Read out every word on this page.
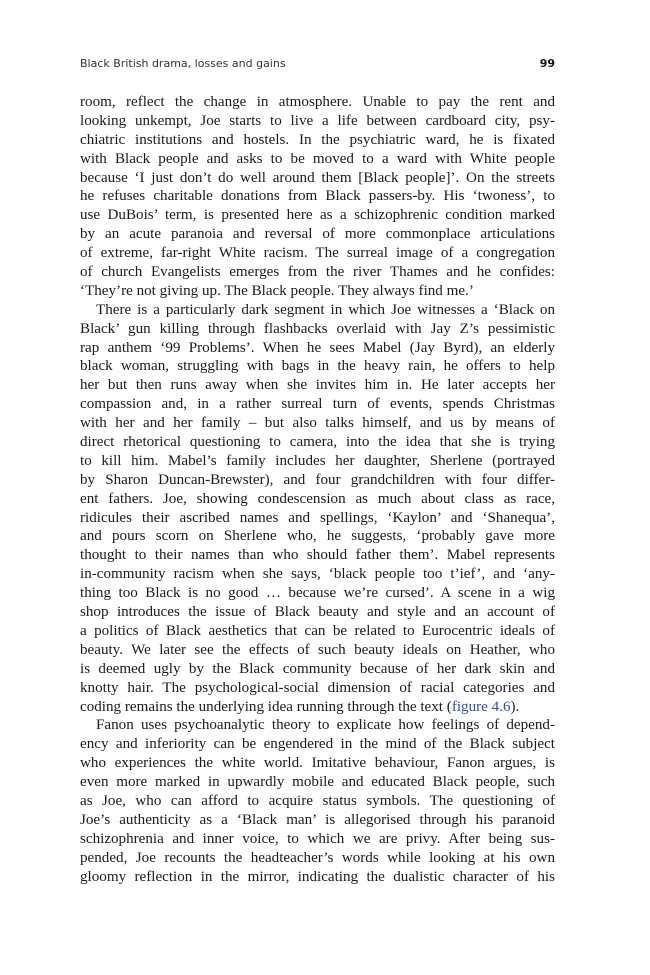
Black British drama, losses and gains	99
room, reflect the change in atmosphere. Unable to pay the rent and
looking unkempt, Joe starts to live a life between cardboard city, psy-
chiatric institutions and hostels. In the psychiatric ward, he is fixated
with Black people and asks to be moved to a ward with White people
because ‘I just don’t do well around them [Black people]’. On the streets
he refuses charitable donations from Black passers-by. His ‘twoness’, to
use DuBois’ term, is presented here as a schizophrenic condition marked
by an acute paranoia and reversal of more commonplace articulations
of extreme, far-right White racism. The surreal image of a congregation
of church Evangelists emerges from the river Thames and he confides:
‘They’re not giving up. The Black people. They always find me.’
There is a particularly dark segment in which Joe witnesses a ‘Black on
Black’ gun killing through flashbacks overlaid with Jay Z’s pessimistic
rap anthem ‘99 Problems’. When he sees Mabel (Jay Byrd), an elderly
black woman, struggling with bags in the heavy rain, he offers to help
her but then runs away when she invites him in. He later accepts her
compassion and, in a rather surreal turn of events, spends Christmas
with her and her family – but also talks himself, and us by means of
direct rhetorical questioning to camera, into the idea that she is trying
to kill him. Mabel’s family includes her daughter, Sherlene (portrayed
by Sharon Duncan-Brewster), and four grandchildren with four differ-
ent fathers. Joe, showing condescension as much about class as race,
ridicules their ascribed names and spellings, ‘Kaylon’ and ‘Shanequa’,
and pours scorn on Sherlene who, he suggests, ‘probably gave more
thought to their names than who should father them’. Mabel represents
in-community racism when she says, ‘black people too t’ief’, and ‘any-
thing too Black is no good … because we’re cursed’. A scene in a wig
shop introduces the issue of Black beauty and style and an account of
a politics of Black aesthetics that can be related to Eurocentric ideals of
beauty. We later see the effects of such beauty ideals on Heather, who
is deemed ugly by the Black community because of her dark skin and
knotty hair. The psychological-social dimension of racial categories and
coding remains the underlying idea running through the text (figure 4.6).
Fanon uses psychoanalytic theory to explicate how feelings of depend-
ency and inferiority can be engendered in the mind of the Black subject
who experiences the white world. Imitative behaviour, Fanon argues, is
even more marked in upwardly mobile and educated Black people, such
as Joe, who can afford to acquire status symbols. The questioning of
Joe’s authenticity as a ‘Black man’ is allegorised through his paranoid
schizophrenia and inner voice, to which we are privy. After being sus-
pended, Joe recounts the headteacher’s words while looking at his own
gloomy reflection in the mirror, indicating the dualistic character of his
